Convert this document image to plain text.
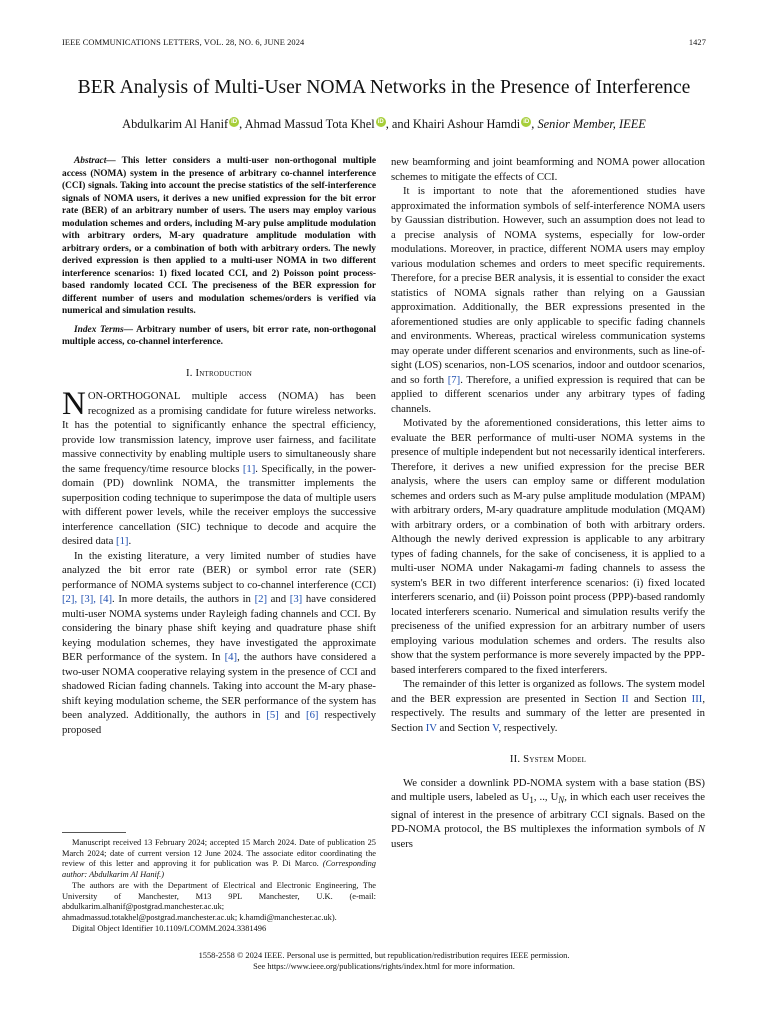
IEEE COMMUNICATIONS LETTERS, VOL. 28, NO. 6, JUNE 2024	1427
BER Analysis of Multi-User NOMA Networks in the Presence of Interference
Abdulkarim Al Hanif iD , Ahmad Massud Tota Khel iD , and Khairi Ashour Hamdi iD , Senior Member, IEEE

Abstract— This letter considers a multi-user non-orthogonal multiple access (NOMA) system in the presence of arbitrary co-channel interference (CCI) signals. Taking into account the precise statistics of the self-interference signals of NOMA users, it derives a new unified expression for the bit error rate (BER) of an arbitrary number of users. The users may employ various modulation schemes and orders, including M-ary pulse amplitude modulation with arbitrary orders, M-ary quadrature amplitude modulation with arbitrary orders, or a combination of both with arbitrary orders. The newly derived expression is then applied to a multi-user NOMA in two different interference scenarios: 1) fixed located CCI, and 2) Poisson point process-based randomly located CCI. The preciseness of the BER expression for different number of users and modulation schemes/orders is verified via numerical and simulation results.

Index Terms— Arbitrary number of users, bit error rate, non-orthogonal multiple access, co-channel interference.

I. Introduction

NON-ORTHOGONAL multiple access (NOMA) has been recognized as a promising candidate for future wireless networks. It has the potential to significantly enhance the spectral efficiency, provide low transmission latency, improve user fairness, and facilitate massive connectivity by enabling multiple users to simultaneously share the same frequency/time resource blocks [1]. Specifically, in the power-domain (PD) downlink NOMA, the transmitter implements the superposition coding technique to superimpose the data of multiple users with different power levels, while the receiver employs the successive interference cancellation (SIC) technique to decode and acquire the desired data [1].

In the existing literature, a very limited number of studies have analyzed the bit error rate (BER) or symbol error rate (SER) performance of NOMA systems subject to co-channel interference (CCI) [2], [3], [4]. In more details, the authors in [2] and [3] have considered multi-user NOMA systems under Rayleigh fading channels and CCI. By considering the binary phase shift keying and quadrature phase shift keying modulation schemes, they have investigated the approximate BER performance of the system. In [4], the authors have considered a two-user NOMA cooperative relaying system in the presence of CCI and shadowed Rician fading channels. Taking into account the M-ary phase-shift keying modulation scheme, the SER performance of the system has been analyzed. Additionally, the authors in [5] and [6] respectively proposed

Manuscript received 13 February 2024; accepted 15 March 2024. Date of publication 25 March 2024; date of current version 12 June 2024. The associate editor coordinating the review of this letter and approving it for publication was P. Di Marco. (Corresponding author: Abdulkarim Al Hanif.)

The authors are with the Department of Electrical and Electronic Engineering, The University of Manchester, M13 9PL Manchester, U.K. (e-mail: abdulkarim.alhanif@postgrad.manchester.ac.uk; ahmadmassud.totakhel@postgrad.manchester.ac.uk; k.hamdi@manchester.ac.uk).

Digital Object Identifier 10.1109/LCOMM.2024.3381496

new beamforming and joint beamforming and NOMA power allocation schemes to mitigate the effects of CCI.

It is important to note that the aforementioned studies have approximated the information symbols of self-interference NOMA users by Gaussian distribution. However, such an assumption does not lead to a precise analysis of NOMA systems, especially for low-order modulations. Moreover, in practice, different NOMA users may employ various modulation schemes and orders to meet specific requirements. Therefore, for a precise BER analysis, it is essential to consider the exact statistics of NOMA signals rather than relying on a Gaussian approximation. Additionally, the BER expressions presented in the aforementioned studies are only applicable to specific fading channels and environments. Whereas, practical wireless communication systems may operate under different scenarios and environments, such as line-of-sight (LOS) scenarios, non-LOS scenarios, indoor and outdoor scenarios, and so forth [7]. Therefore, a unified expression is required that can be applied to different scenarios under any arbitrary types of fading channels.

Motivated by the aforementioned considerations, this letter aims to evaluate the BER performance of multi-user NOMA systems in the presence of multiple independent but not necessarily identical interferers. Therefore, it derives a new unified expression for the precise BER analysis, where the users can employ same or different modulation schemes and orders such as M-ary pulse amplitude modulation (MPAM) with arbitrary orders, M-ary quadrature amplitude modulation (MQAM) with arbitrary orders, or a combination of both with arbitrary orders. Although the newly derived expression is applicable to any arbitrary types of fading channels, for the sake of conciseness, it is applied to a multi-user NOMA under Nakagami-m fading channels to assess the system's BER in two different interference scenarios: (i) fixed located interferers scenario, and (ii) Poisson point process (PPP)-based randomly located interferers scenario. Numerical and simulation results verify the preciseness of the unified expression for an arbitrary number of users employing various modulation schemes and orders. The results also show that the system performance is more severely impacted by the PPP-based interferers compared to the fixed interferers.

The remainder of this letter is organized as follows. The system model and the BER expression are presented in Section II and Section III, respectively. The results and summary of the letter are presented in Section IV and Section V, respectively.

II. System Model

We consider a downlink PD-NOMA system with a base station (BS) and multiple users, labeled as $U_1$, .., $U_N$, in which each user receives the signal of interest in the presence of arbitrary CCI signals. Based on the PD-NOMA protocol, the BS multiplexes the information symbols of N users

1558-2558 © 2024 IEEE. Personal use is permitted, but republication/redistribution requires IEEE permission.
See https://www.ieee.org/publications/rights/index.html for more information.
